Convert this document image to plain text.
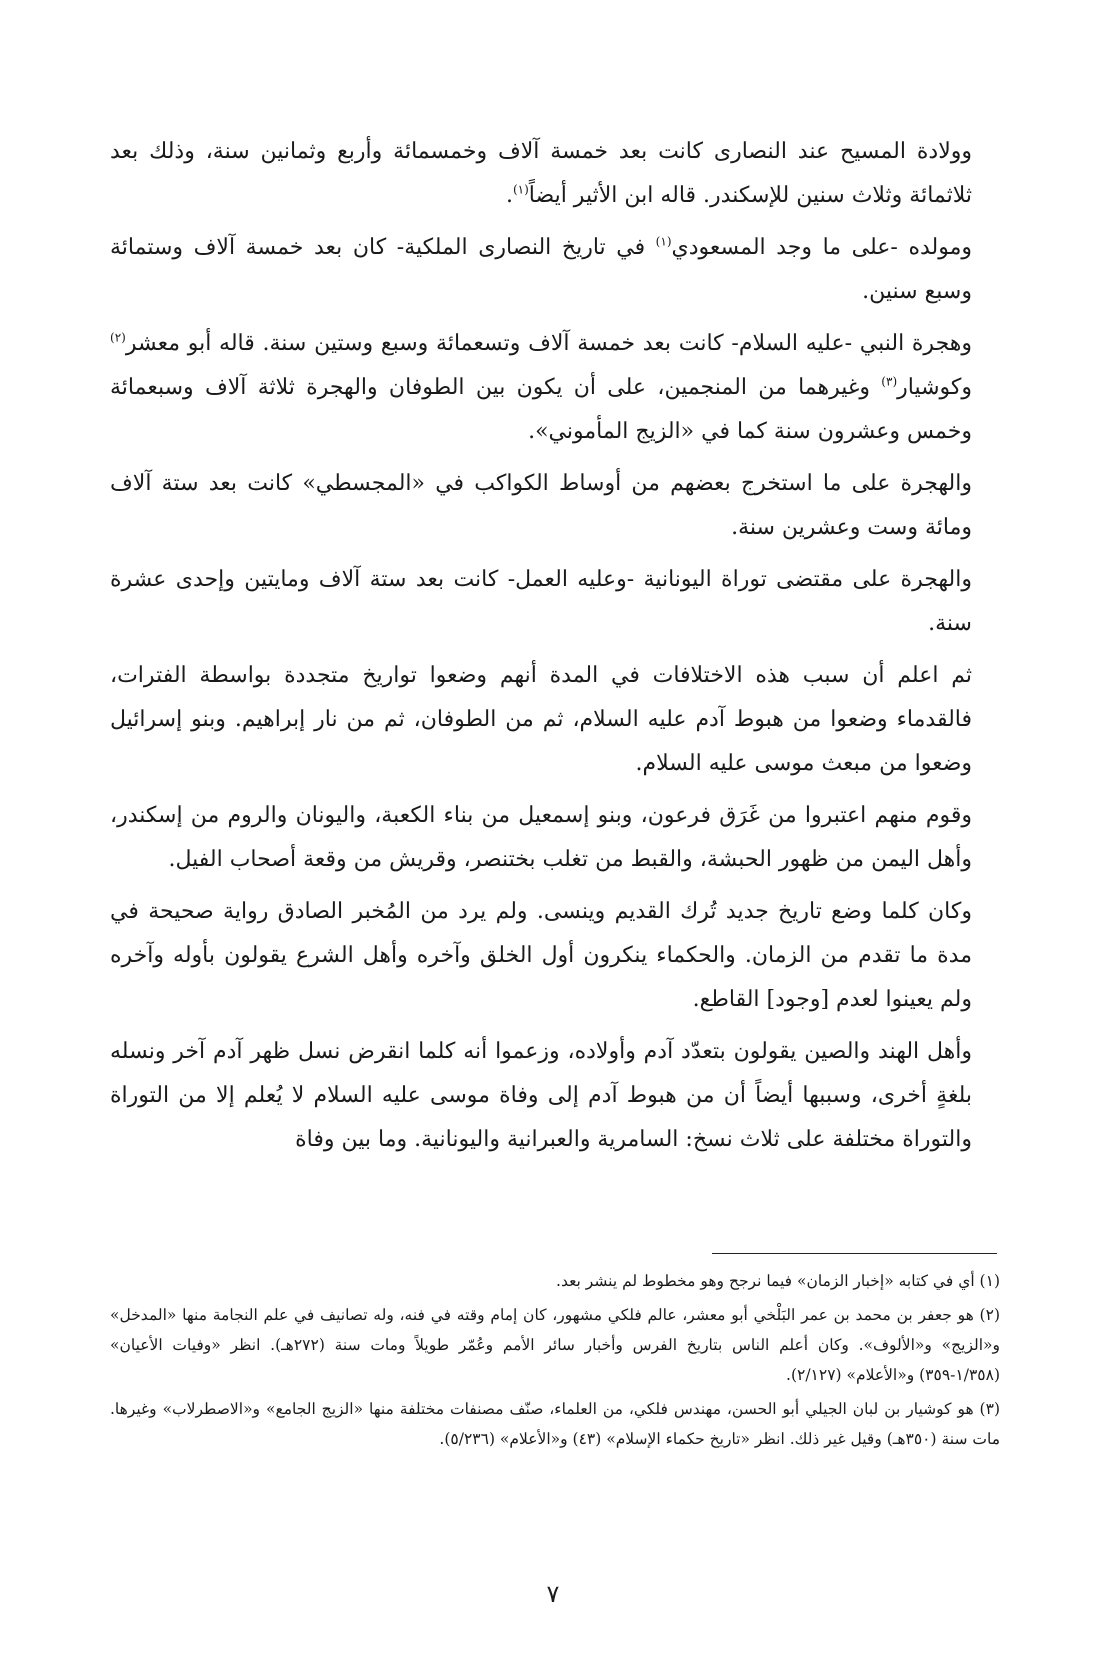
وولادة المسيح عند النصارى كانت بعد خمسة آلاف وخمسمائة وأربع وثمانين سنة، وذلك بعد ثلاثمائة وثلاث سنين للإسكندر. قاله ابن الأثير أيضاً$^{(١)}$.

ومولده -على ما وجد المسعودي$^{(١)}$ في تاريخ النصارى الملكية- كان بعد خمسة آلاف وستمائة وسبع سنين.

وهجرة النبي -عليه السلام- كانت بعد خمسة آلاف وتسعمائة وسبع وستين سنة. قاله أبو معشر$^{(٢)}$ وكوشيار$^{(٣)}$ وغيرهما من المنجمين، على أن يكون بين الطوفان والهجرة ثلاثة آلاف وسبعمائة وخمس وعشرون سنة كما في «الزيج المأموني».

والهجرة على ما استخرج بعضهم من أوساط الكواكب في «المجسطي» كانت بعد ستة آلاف ومائة وست وعشرين سنة.

والهجرة على مقتضى توراة اليونانية -وعليه العمل- كانت بعد ستة آلاف ومايتين وإحدى عشرة سنة.

ثم اعلم أن سبب هذه الاختلافات في المدة أنهم وضعوا تواريخ متجددة بواسطة الفترات، فالقدماء وضعوا من هبوط آدم عليه السلام، ثم من الطوفان، ثم من نار إبراهيم. وبنو إسرائيل وضعوا من مبعث موسى عليه السلام.

وقوم منهم اعتبروا من غَرَق فرعون، وبنو إسمعيل من بناء الكعبة، واليونان والروم من إسكندر، وأهل اليمن من ظهور الحبشة، والقبط من تغلب بختنصر، وقريش من وقعة أصحاب الفيل.

وكان كلما وضع تاريخ جديد تُرك القديم وينسى. ولم يرد من المُخبر الصادق رواية صحيحة في مدة ما تقدم من الزمان. والحكماء ينكرون أول الخلق وآخره وأهل الشرع يقولون بأوله وآخره ولم يعينوا لعدم [وجود] القاطع.

وأهل الهند والصين يقولون بتعدّد آدم وأولاده، وزعموا أنه كلما انقرض نسل ظهر آدم آخر ونسله بلغةٍ أخرى، وسببها أيضاً أن من هبوط آدم إلى وفاة موسى عليه السلام لا يُعلم إلا من التوراة والتوراة مختلفة على ثلاث نسخ: السامرية والعبرانية واليونانية. وما بين وفاة

(١) أي في كتابه «إخبار الزمان» فيما نرجح وهو مخطوط لم ينشر بعد.

(٢) هو جعفر بن محمد بن عمر البَلْخي أبو معشر، عالم فلكي مشهور، كان إمام وقته في فنه، وله تصانيف في علم النجامة منها «المدخل» و«الزيج» و«الألوف». وكان أعلم الناس بتاريخ الفرس وأخبار سائر الأمم وعُمّر طويلاً ومات سنة (٢٧٢هـ). انظر «وفيات الأعيان» (١/٣٥٨-٣٥٩) و«الأعلام» (٢/١٢٧).

(٣) هو كوشيار بن لبان الجيلي أبو الحسن، مهندس فلكي، من العلماء، صنّف مصنفات مختلفة منها «الزيج الجامع» و«الاصطرلاب» وغيرها. مات سنة (٣٥٠هـ) وقيل غير ذلك. انظر «تاريخ حكماء الإسلام» (٤٣) و«الأعلام» (٥/٢٣٦).

٧
